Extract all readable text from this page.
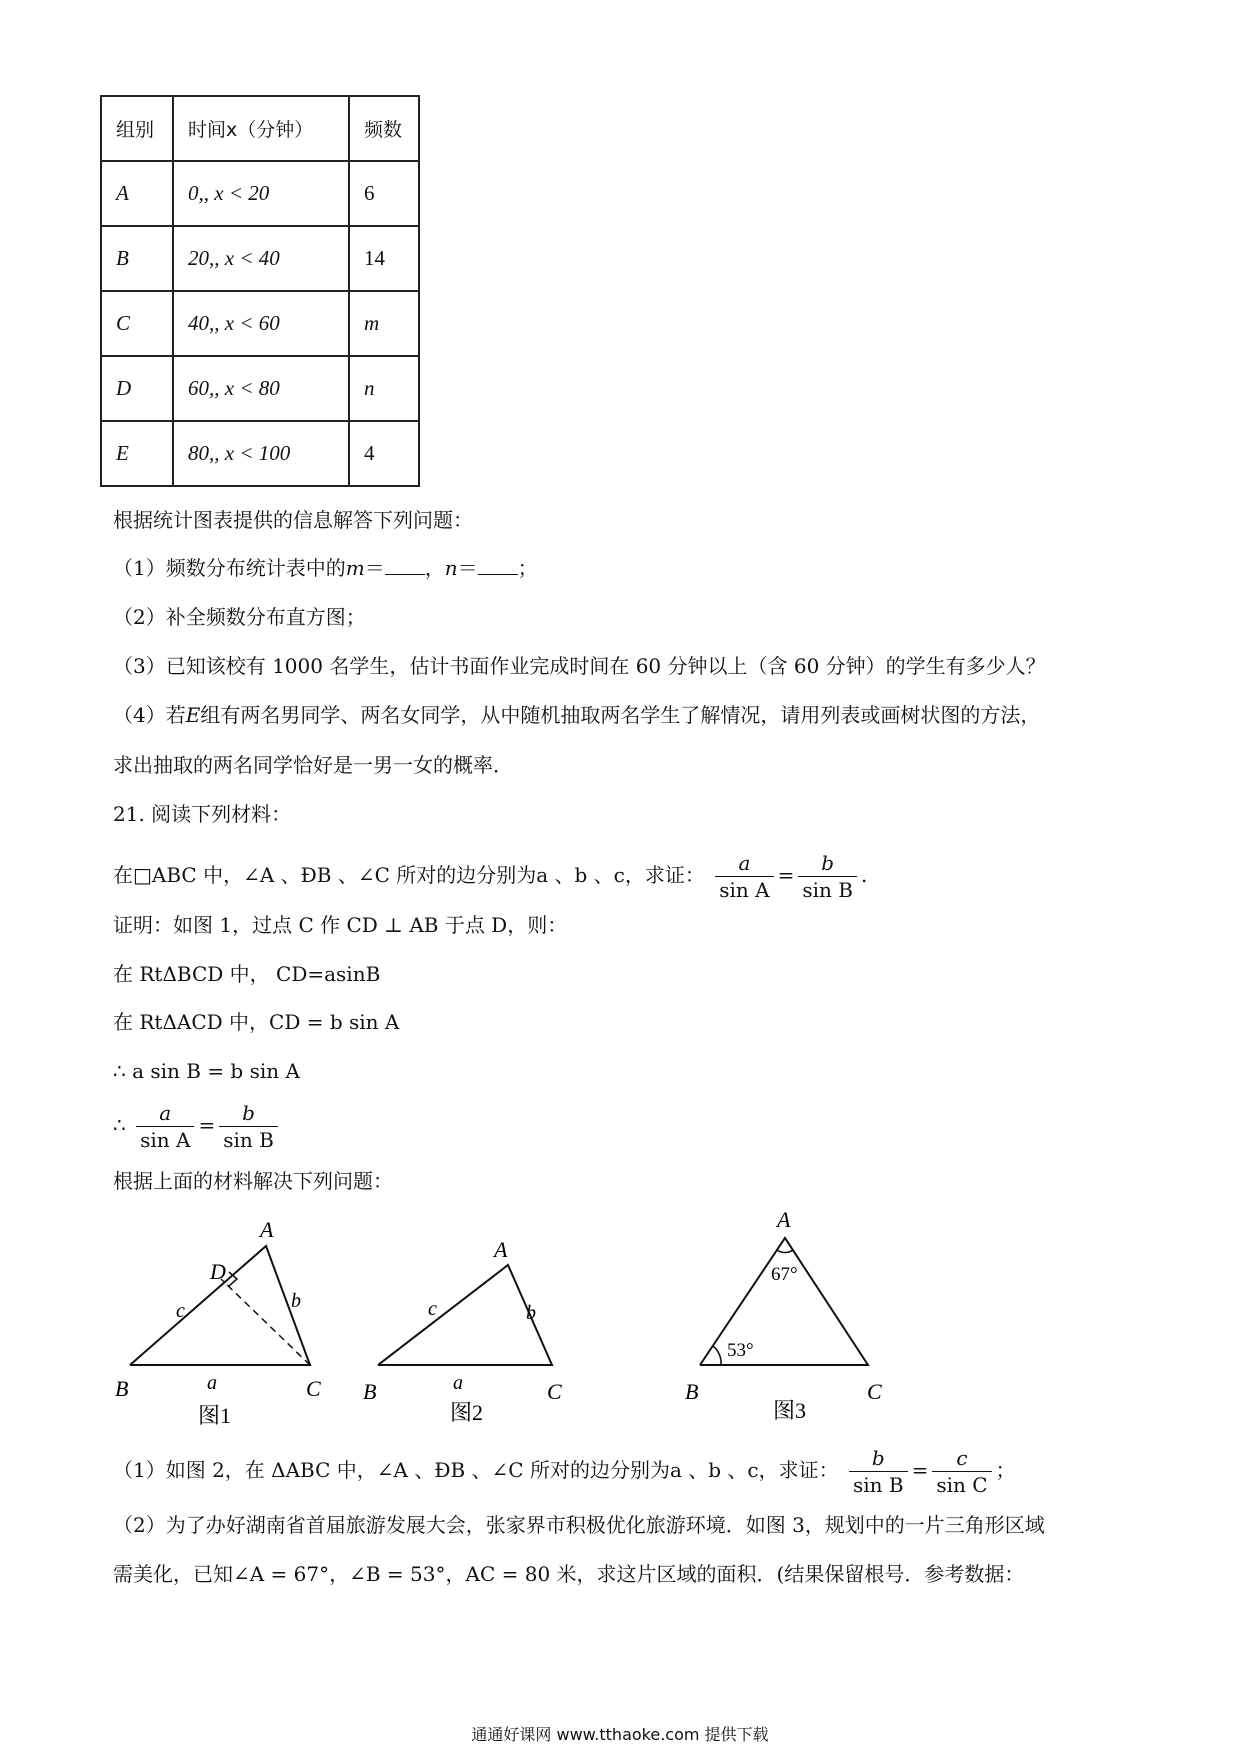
组别	时间x（分钟）	频数
A	0,, x < 20	6
B	20,, x < 40	14
C	40,, x < 60	m
D	60,, x < 80	n
E	80,, x < 100	4
根据统计图表提供的信息解答下列问题：
（1）频数分布统计表中的m＝ ，n＝ ；
（2）补全频数分布直方图；
（3）已知该校有 1000 名学生，估计书面作业完成时间在 60 分钟以上（含 60 分钟）的学生有多少人？
（4）若E组有两名男同学、两名女同学，从中随机抽取两名学生了解情况，请用列表或画树状图的方法，
求出抽取的两名同学恰好是一男一女的概率．
21. 阅读下列材料：
在□ABC 中，∠A 、ÐB 、∠C 所对的边分别为a 、b 、c，求证： $\frac{a}{\text{sin A}} = \frac{b}{\text{sin B}}$ .
证明：如图 1，过点 C 作 CD ⊥ AB 于点 D，则：
在 RtΔBCD 中， CD=asinB
在 RtΔACD 中，CD = b sin A
∴ a sin B = b sin A
∴ $\frac{a}{\text{sin A}} = \frac{b}{\text{sin B}}$
根据上面的材料解决下列问题：
A
D
B	C
c	b
a
图1
A
B	C
c	b
a
图2
A
B	C
67°
53°
图3
（1）如图 2，在 ΔABC 中，∠A 、ÐB 、∠C 所对的边分别为a 、b 、c，求证： $\frac{b}{\text{sin B}} = \frac{c}{\text{sin C}}$ ；
（2）为了办好湖南省首届旅游发展大会，张家界市积极优化旅游环境．如图 3，规划中的一片三角形区域
需美化，已知∠A = 67°，∠B = 53°，AC = 80 米，求这片区域的面积．(结果保留根号．参考数据：
通通好课网 www.tthaoke.com 提供下载
